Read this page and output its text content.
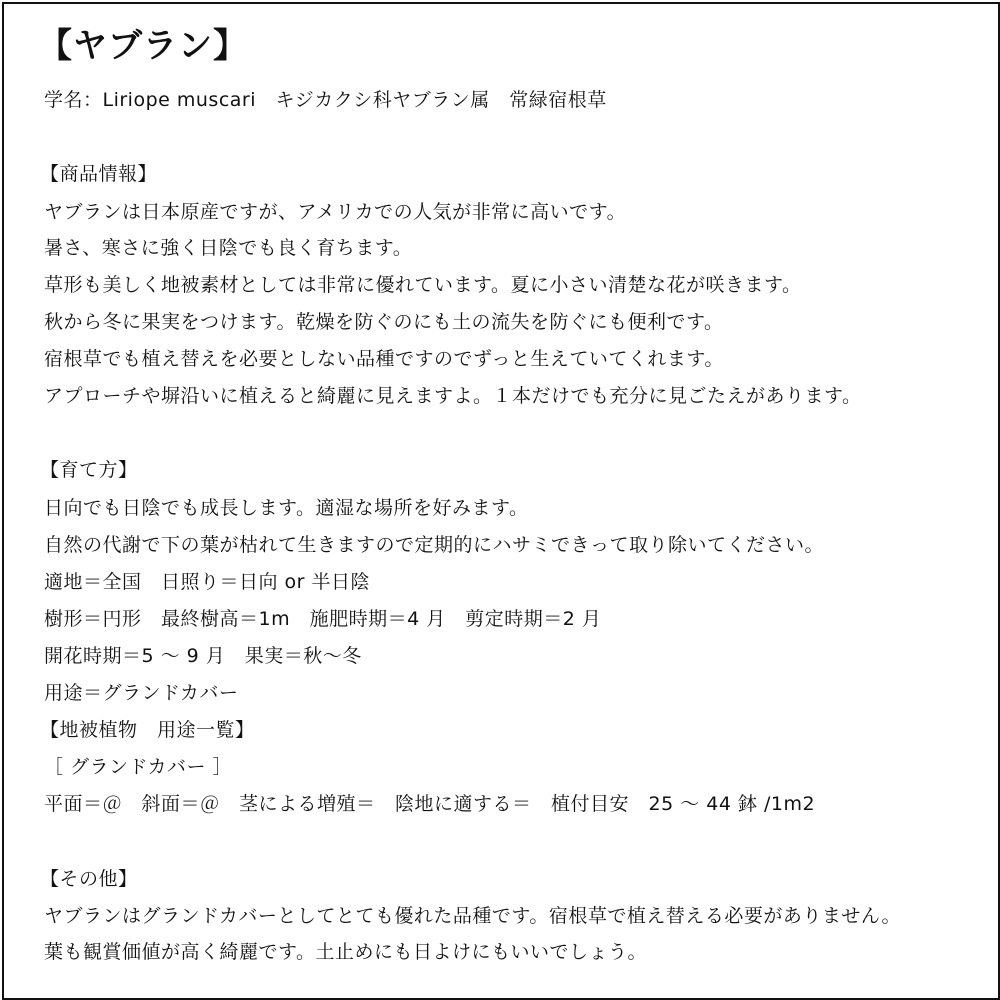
【ヤブラン】
学名：Liriope muscari　キジカクシ科ヤブラン属　常緑宿根草
【商品情報】
ヤブランは日本原産ですが、アメリカでの人気が非常に高いです。
暑さ、寒さに強く日陰でも良く育ちます。
草形も美しく地被素材としては非常に優れています。夏に小さい清楚な花が咲きます。
秋から冬に果実をつけます。乾燥を防ぐのにも土の流失を防ぐにも便利です。
宿根草でも植え替えを必要としない品種ですのでずっと生えていてくれます。
アプローチや塀沿いに植えると綺麗に見えますよ。１本だけでも充分に見ごたえがあります。
【育て方】
日向でも日陰でも成長します。適湿な場所を好みます。
自然の代謝で下の葉が枯れて生きますので定期的にハサミできって取り除いてください。
適地＝全国　日照り＝日向 or 半日陰
樹形＝円形　最終樹高＝1m　施肥時期＝4 月　剪定時期＝2 月
開花時期＝5 ～ 9 月　果実＝秋～冬
用途＝グランドカバー
【地被植物　用途一覧】
［ グランドカバー ］
平面＝＠　斜面＝＠　茎による増殖＝　陰地に適する＝　植付目安　25 ～ 44 鉢 /1m2
【その他】
ヤブランはグランドカバーとしてとても優れた品種です。宿根草で植え替える必要がありません。
葉も観賞価値が高く綺麗です。土止めにも日よけにもいいでしょう。
